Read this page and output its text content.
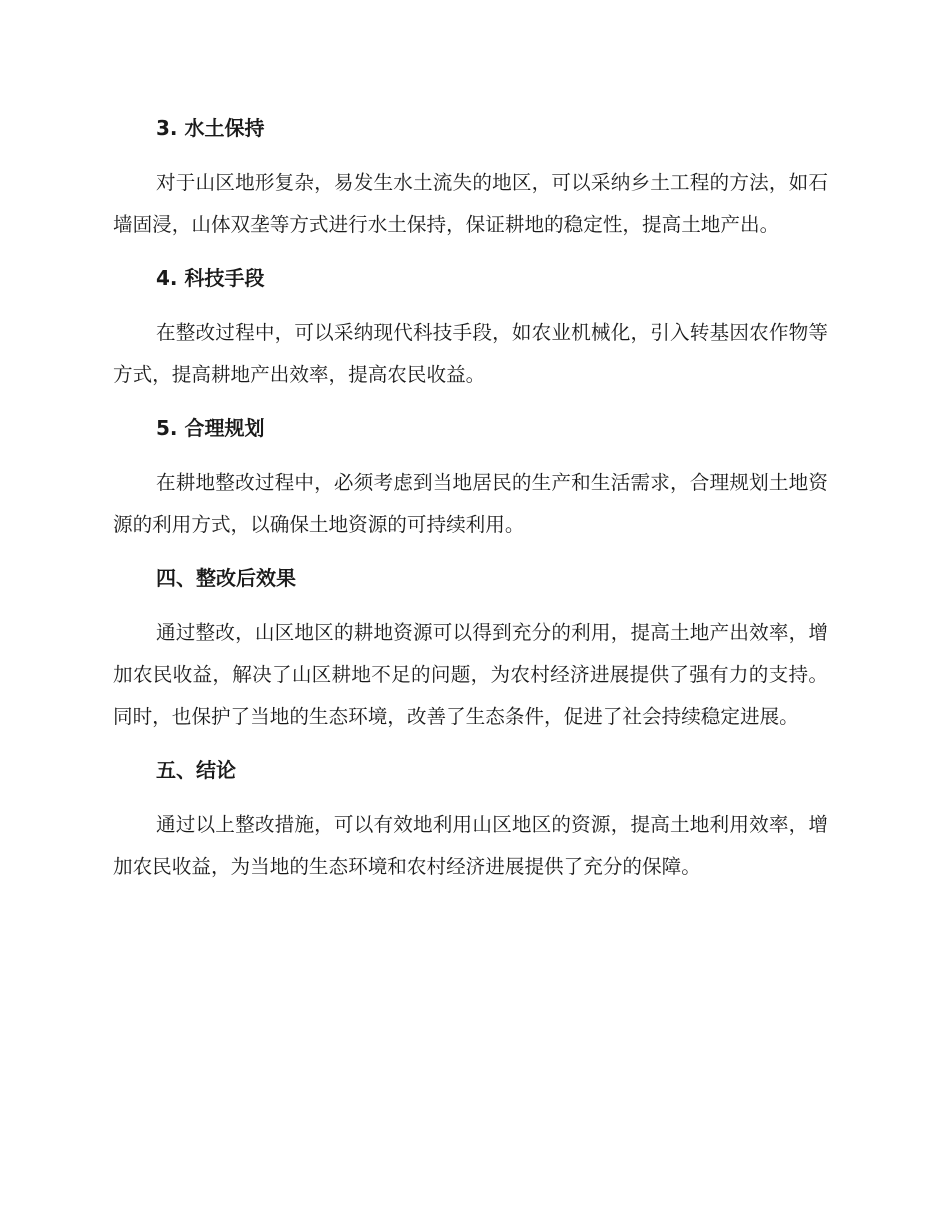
3. 水土保持

对于山区地形复杂，易发生水土流失的地区，可以采纳乡土工程的方法，如石墙固浸，山体双垄等方式进行水土保持，保证耕地的稳定性，提高土地产出。

4. 科技手段

在整改过程中，可以采纳现代科技手段，如农业机械化，引入转基因农作物等方式，提高耕地产出效率，提高农民收益。

5. 合理规划

在耕地整改过程中，必须考虑到当地居民的生产和生活需求，合理规划土地资源的利用方式，以确保土地资源的可持续利用。

四、整改后效果

通过整改，山区地区的耕地资源可以得到充分的利用，提高土地产出效率，增加农民收益，解决了山区耕地不足的问题，为农村经济进展提供了强有力的支持。同时，也保护了当地的生态环境，改善了生态条件，促进了社会持续稳定进展。

五、结论

通过以上整改措施，可以有效地利用山区地区的资源，提高土地利用效率，增加农民收益，为当地的生态环境和农村经济进展提供了充分的保障。
